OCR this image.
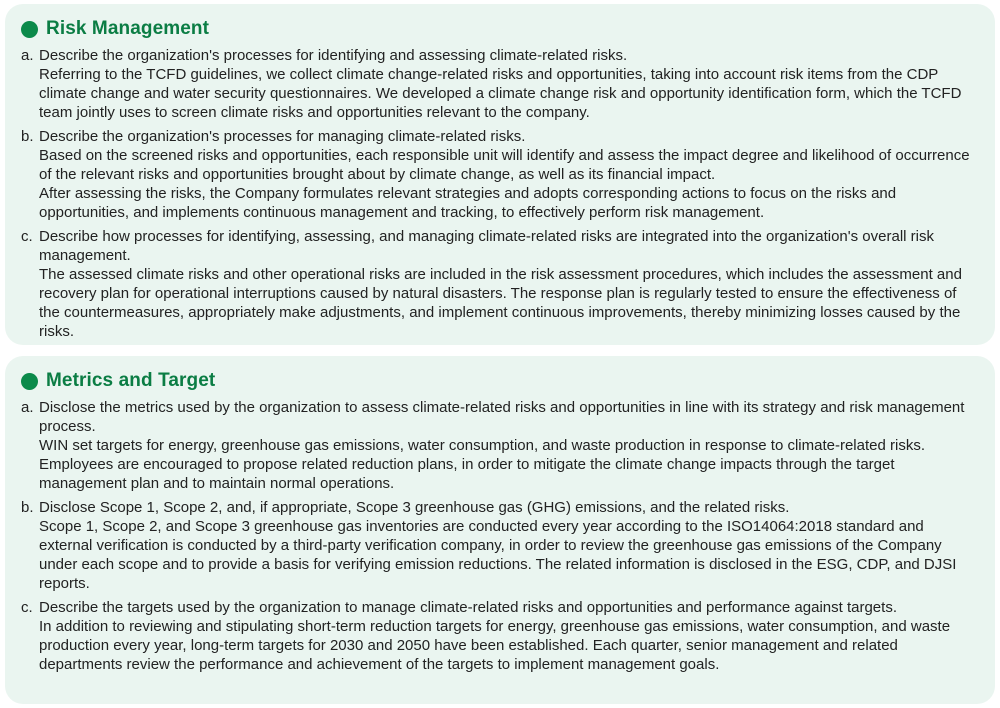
Risk Management
a. Describe the organization's processes for identifying and assessing climate-related risks.

Referring to the TCFD guidelines, we collect climate change-related risks and opportunities, taking into account risk items from the CDP climate change and water security questionnaires. We developed a climate change risk and opportunity identification form, which the TCFD team jointly uses to screen climate risks and opportunities relevant to the company.

b. Describe the organization's processes for managing climate-related risks.

Based on the screened risks and opportunities, each responsible unit will identify and assess the impact degree and likelihood of occurrence of the relevant risks and opportunities brought about by climate change, as well as its financial impact.

After assessing the risks, the Company formulates relevant strategies and adopts corresponding actions to focus on the risks and opportunities, and implements continuous management and tracking, to effectively perform risk management.

c. Describe how processes for identifying, assessing, and managing climate-related risks are integrated into the organization's overall risk management.

The assessed climate risks and other operational risks are included in the risk assessment procedures, which includes the assessment and recovery plan for operational interruptions caused by natural disasters. The response plan is regularly tested to ensure the effectiveness of the countermeasures, appropriately make adjustments, and implement continuous improvements, thereby minimizing losses caused by the risks.

Metrics and Target
a. Disclose the metrics used by the organization to assess climate-related risks and opportunities in line with its strategy and risk management process.

WIN set targets for energy, greenhouse gas emissions, water consumption, and waste production in response to climate-related risks. Employees are encouraged to propose related reduction plans, in order to mitigate the climate change impacts through the target management plan and to maintain normal operations.

b. Disclose Scope 1, Scope 2, and, if appropriate, Scope 3 greenhouse gas (GHG) emissions, and the related risks.

Scope 1, Scope 2, and Scope 3 greenhouse gas inventories are conducted every year according to the ISO14064:2018 standard and external verification is conducted by a third-party verification company, in order to review the greenhouse gas emissions of the Company under each scope and to provide a basis for verifying emission reductions. The related information is disclosed in the ESG, CDP, and DJSI reports.

c. Describe the targets used by the organization to manage climate-related risks and opportunities and performance against targets.

In addition to reviewing and stipulating short-term reduction targets for energy, greenhouse gas emissions, water consumption, and waste production every year, long-term targets for 2030 and 2050 have been established. Each quarter, senior management and related departments review the performance and achievement of the targets to implement management goals.
